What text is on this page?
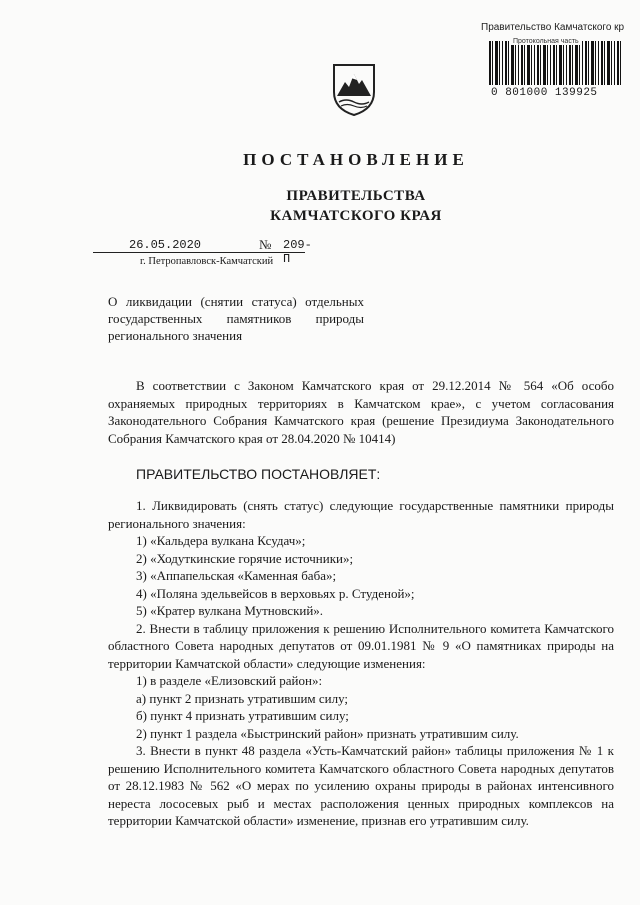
Правительство Камчатского кр
Протокольная часть
0 801000 139925
ПОСТАНОВЛЕНИЕ
ПРАВИТЕЛЬСТВА
КАМЧАТСКОГО КРАЯ
26.05.2020	№ 209-П
г. Петропавловск-Камчатский
О ликвидации (снятии статуса) отдельных государственных памятников природы регионального значения

В соответствии с Законом Камчатского края от 29.12.2014 № 564 «Об особо охраняемых природных территориях в Камчатском крае», с учетом согласования Законодательного Собрания Камчатского края (решение Президиума Законодательного Собрания Камчатского края от 28.04.2020 № 10414)

ПРАВИТЕЛЬСТВО ПОСТАНОВЛЯЕТ:

1. Ликвидировать (снять статус) следующие государственные памятники природы регионального значения:

1) «Кальдера вулкана Ксудач»;

2) «Ходуткинские горячие источники»;

3) «Аппапельская «Каменная баба»;

4) «Поляна эдельвейсов в верховьях р. Студеной»;

5) «Кратер вулкана Мутновский».

2. Внести в таблицу приложения к решению Исполнительного комитета Камчатского областного Совета народных депутатов от 09.01.1981 № 9 «О памятниках природы на территории Камчатской области» следующие изменения:

1) в разделе «Елизовский район»:

а) пункт 2 признать утратившим силу;

б) пункт 4 признать утратившим силу;

2) пункт 1 раздела «Быстринский район» признать утратившим силу.

3. Внести в пункт 48 раздела «Усть-Камчатский район» таблицы приложения № 1 к решению Исполнительного комитета Камчатского областного Совета народных депутатов от 28.12.1983 № 562 «О мерах по усилению охраны природы в районах интенсивного нереста лососевых рыб и местах расположения ценных природных комплексов на территории Камчатской области» изменение, признав его утратившим силу.
